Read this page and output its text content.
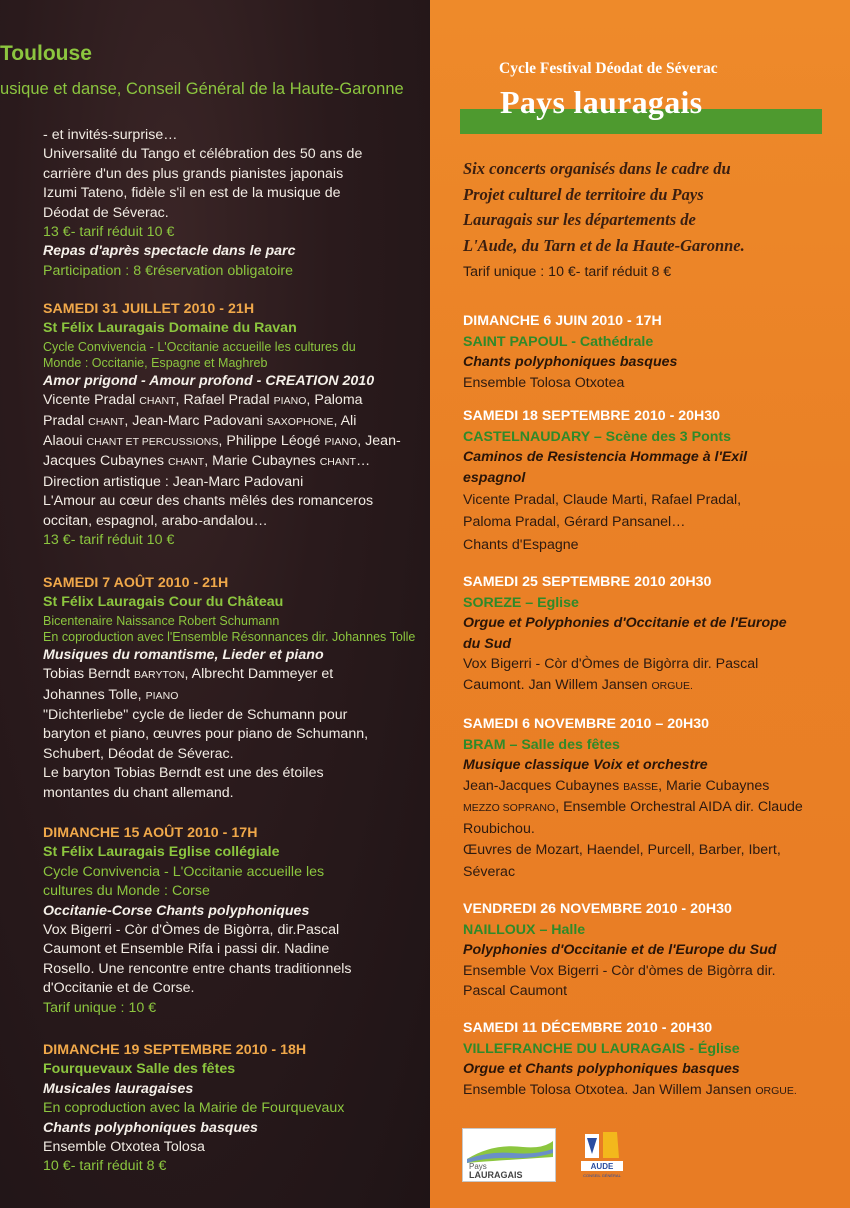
Toulouse
usique et danse, Conseil Général de la Haute-Garonne

- et invités-surprise…

Universalité du Tango et célébration des 50 ans de

carrière d'un des plus grands pianistes japonais

Izumi Tateno, fidèle s'il en est de la musique de

Déodat de Séverac.

13 €- tarif réduit 10 €

Repas d'après spectacle dans le parc

Participation : 8 €réservation obligatoire

SAMEDI 31 JUILLET 2010 - 21H

St Félix Lauragais Domaine du Ravan

Cycle Convivencia - L'Occitanie accueille les cultures du

Monde : Occitanie, Espagne et Maghreb

Amor prigond - Amour profond - CREATION 2010

Vicente Pradal CHANT, Rafael Pradal PIANO, Paloma

Pradal CHANT, Jean-Marc Padovani SAXOPHONE, Ali

Alaoui CHANT ET PERCUSSIONS, Philippe Léogé PIANO, Jean-

Jacques Cubaynes CHANT, Marie Cubaynes CHANT…

Direction artistique : Jean-Marc Padovani

L'Amour au cœur des chants mêlés des romanceros

occitan, espagnol, arabo-andalou…

13 €- tarif réduit 10 €

SAMEDI 7 AOÛT 2010 - 21H

St Félix Lauragais Cour du Château

Bicentenaire Naissance Robert Schumann

En coproduction avec l'Ensemble Résonnances dir. Johannes Tolle

Musiques du romantisme, Lieder et piano

Tobias Berndt BARYTON, Albrecht Dammeyer et

Johannes Tolle, PIANO

"Dichterliebe" cycle de lieder de Schumann pour

baryton et piano, œuvres pour piano de Schumann,

Schubert, Déodat de Séverac.

Le baryton Tobias Berndt est une des étoiles

montantes du chant allemand.

DIMANCHE 15 AOÛT 2010 - 17H

St Félix Lauragais Eglise collégiale

Cycle Convivencia - L'Occitanie accueille les

cultures du Monde : Corse

Occitanie-Corse Chants polyphoniques

Vox Bigerri - Còr d'Òmes de Bigòrra, dir.Pascal

Caumont et Ensemble Rifa i passi dir. Nadine

Rosello. Une rencontre entre chants traditionnels

d'Occitanie et de Corse.

Tarif unique : 10 €

DIMANCHE 19 SEPTEMBRE 2010 - 18H

Fourquevaux Salle des fêtes

Musicales lauragaises

En coproduction avec la Mairie de Fourquevaux

Chants polyphoniques basques

Ensemble Otxotea Tolosa

10 €- tarif réduit 8 €

Cycle Festival Déodat de Séverac
Pays lauragais

Six concerts organisés dans le cadre du

Projet culturel de territoire du Pays

Lauragais sur les départements de

L'Aude, du Tarn et de la Haute-Garonne.

Tarif unique : 10 €- tarif réduit 8 €

DIMANCHE 6 JUIN 2010 - 17H

SAINT PAPOUL - Cathédrale

Chants polyphoniques basques

Ensemble Tolosa Otxotea

SAMEDI 18 SEPTEMBRE 2010 - 20H30

CASTELNAUDARY – Scène des 3 Ponts

Caminos de Resistencia Hommage à l'Exil

espagnol

Vicente Pradal, Claude Marti, Rafael Pradal,

Paloma Pradal, Gérard Pansanel…

Chants d'Espagne

SAMEDI 25 SEPTEMBRE 2010 20H30

SOREZE – Eglise

Orgue et Polyphonies d'Occitanie et de l'Europe

du Sud

Vox Bigerri - Còr d'Òmes de Bigòrra dir. Pascal

Caumont. Jan Willem Jansen ORGUE.

SAMEDI 6 NOVEMBRE 2010 – 20H30

BRAM – Salle des fêtes

Musique classique Voix et orchestre

Jean-Jacques Cubaynes BASSE, Marie Cubaynes

MEZZO SOPRANO, Ensemble Orchestral AIDA dir. Claude

Roubichou.

Œuvres de Mozart, Haendel, Purcell, Barber, Ibert,

Séverac

VENDREDI 26 NOVEMBRE 2010 - 20H30

NAILLOUX – Halle

Polyphonies d'Occitanie et de l'Europe du Sud

Ensemble Vox Bigerri - Còr d'òmes de Bigòrra dir.

Pascal Caumont

SAMEDI 11 DÉCEMBRE 2010 - 20H30

VILLEFRANCHE DU LAURAGAIS - Église

Orgue et Chants polyphoniques basques

Ensemble Tolosa Otxotea. Jan Willem Jansen ORGUE.

Pays
LAURAGAIS
AUDE
CONSEIL GÉNÉRAL
